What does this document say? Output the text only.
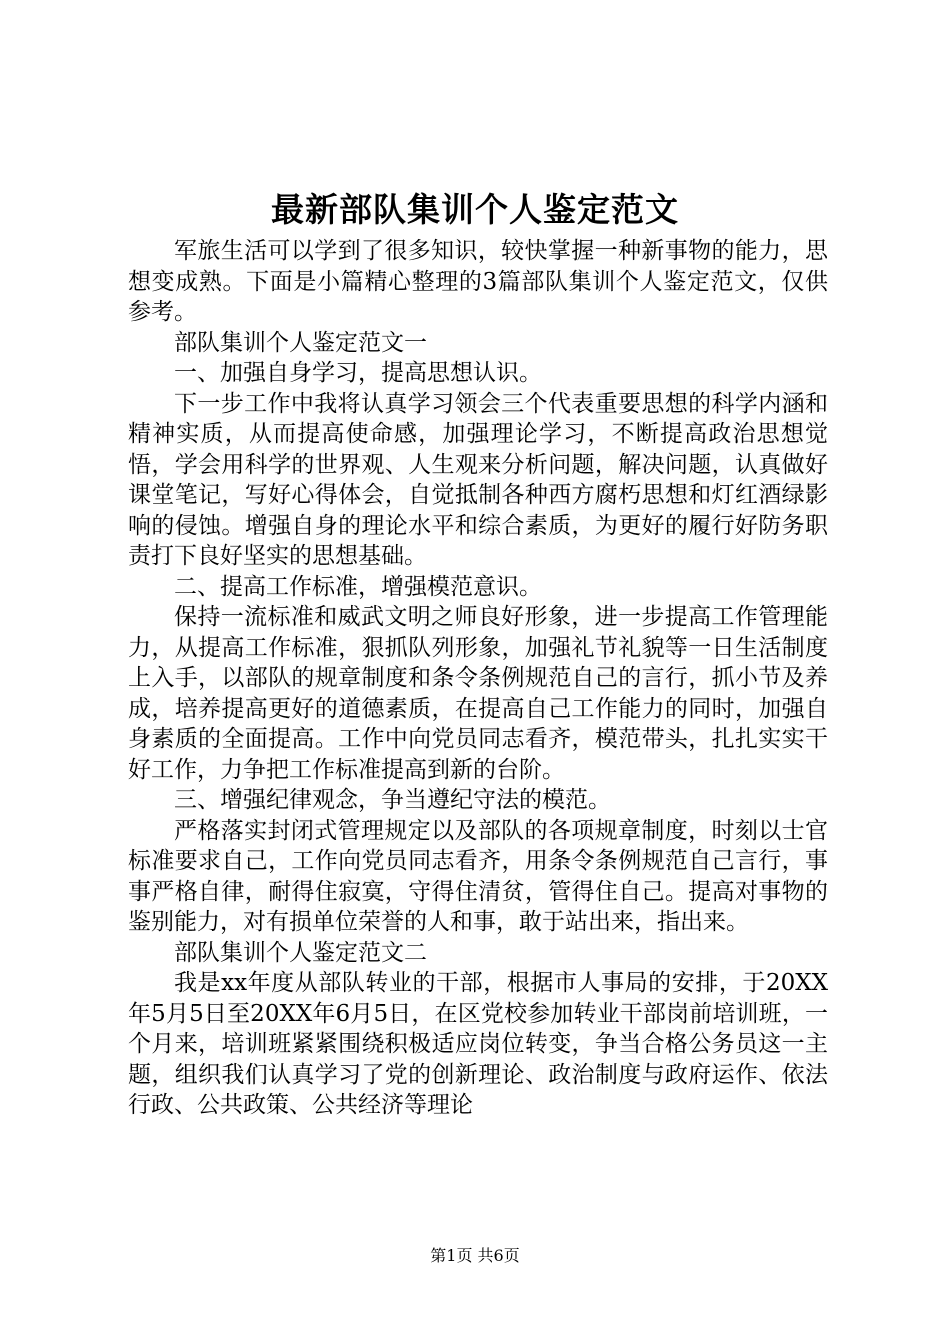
最新部队集训个人鉴定范文

军旅生活可以学到了很多知识，较快掌握一种新事物的能力，思想变成熟。下面是小篇精心整理的3篇部队集训个人鉴定范文，仅供参考。

部队集训个人鉴定范文一

一、加强自身学习，提高思想认识。

下一步工作中我将认真学习领会三个代表重要思想的科学内涵和精神实质，从而提高使命感，加强理论学习，不断提高政治思想觉悟，学会用科学的世界观、人生观来分析问题，解决问题，认真做好课堂笔记，写好心得体会，自觉抵制各种西方腐朽思想和灯红酒绿影响的侵蚀。增强自身的理论水平和综合素质，为更好的履行好防务职责打下良好坚实的思想基础。

二、提高工作标准，增强模范意识。

保持一流标准和威武文明之师良好形象，进一步提高工作管理能力，从提高工作标准，狠抓队列形象，加强礼节礼貌等一日生活制度上入手，以部队的规章制度和条令条例规范自己的言行，抓小节及养成，培养提高更好的道德素质，在提高自己工作能力的同时，加强自身素质的全面提高。工作中向党员同志看齐，模范带头，扎扎实实干好工作，力争把工作标准提高到新的台阶。

三、增强纪律观念，争当遵纪守法的模范。

严格落实封闭式管理规定以及部队的各项规章制度，时刻以士官标准要求自己，工作向党员同志看齐，用条令条例规范自己言行，事事严格自律，耐得住寂寞，守得住清贫，管得住自己。提高对事物的鉴别能力，对有损单位荣誉的人和事，敢于站出来，指出来。

部队集训个人鉴定范文二

我是xx年度从部队转业的干部，根据市人事局的安排，于20XX年5月5日至20XX年6月5日，在区党校参加转业干部岗前培训班，一个月来，培训班紧紧围绕积极适应岗位转变，争当合格公务员这一主题，组织我们认真学习了党的创新理论、政治制度与政府运作、依法行政、公共政策、公共经济等理论

第1页 共6页
